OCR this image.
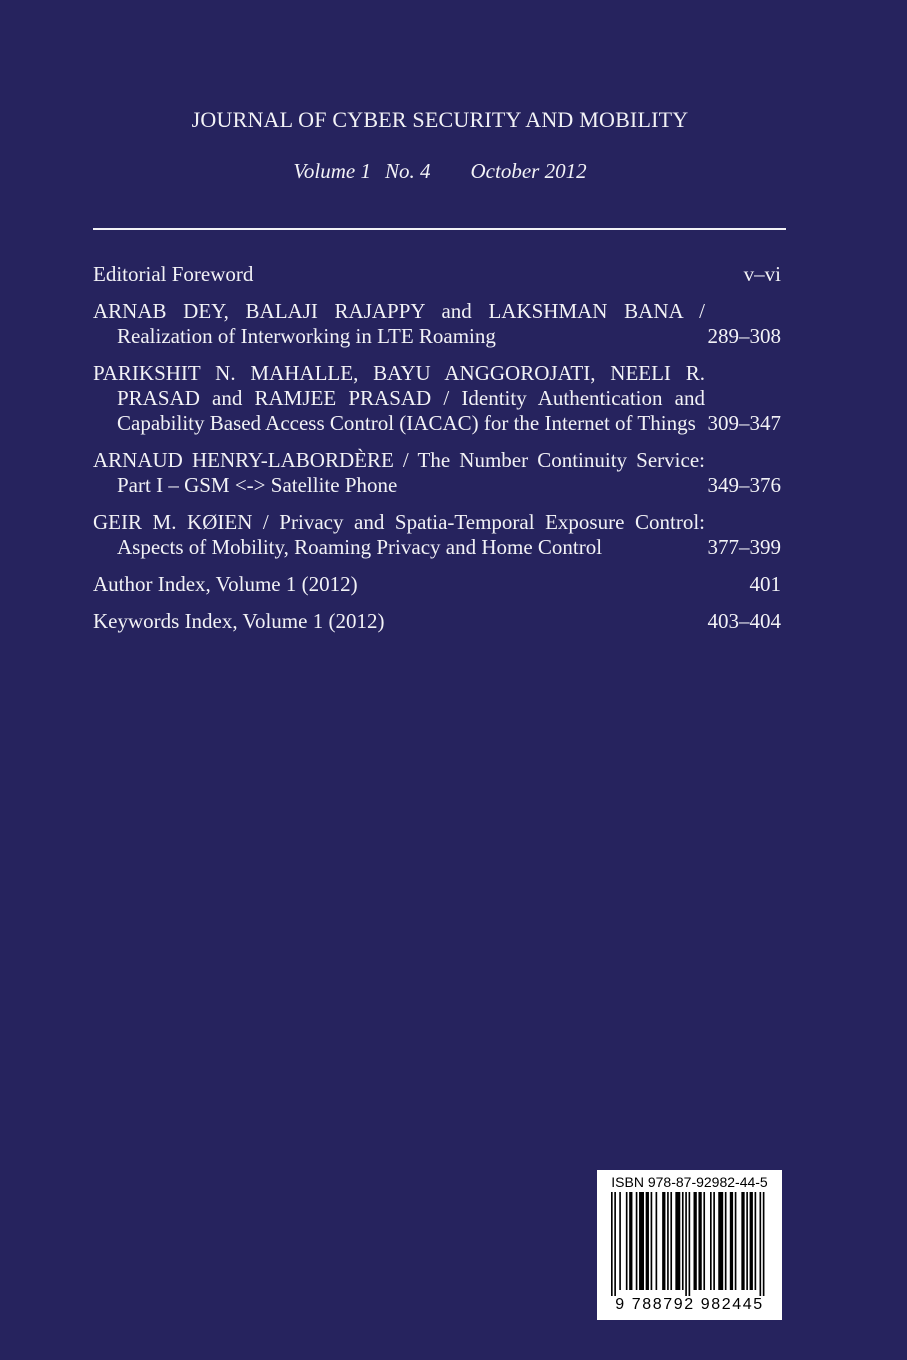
JOURNAL OF CYBER SECURITY AND MOBILITY
Volume 1 No. 4 October 2012
Editorial Foreword	v–vi
ARNAB DEY, BALAJI RAJAPPY and LAKSHMAN BANA / Realization of Interworking in LTE Roaming	289–308
PARIKSHIT N. MAHALLE, BAYU ANGGOROJATI, NEELI R. PRASAD and RAMJEE PRASAD / Identity Authentication and Capability Based Access Control (IACAC) for the Internet of Things 309–347
ARNAUD HENRY-LABORDÈRE / The Number Continuity Service: Part I – GSM <-> Satellite Phone	349–376
GEIR M. KØIEN / Privacy and Spatia-Temporal Exposure Control: Aspects of Mobility, Roaming Privacy and Home Control	377–399
Author Index, Volume 1 (2012)	401
Keywords Index, Volume 1 (2012)	403–404
ISBN 978-87-92982-44-5
9 788792 982445
